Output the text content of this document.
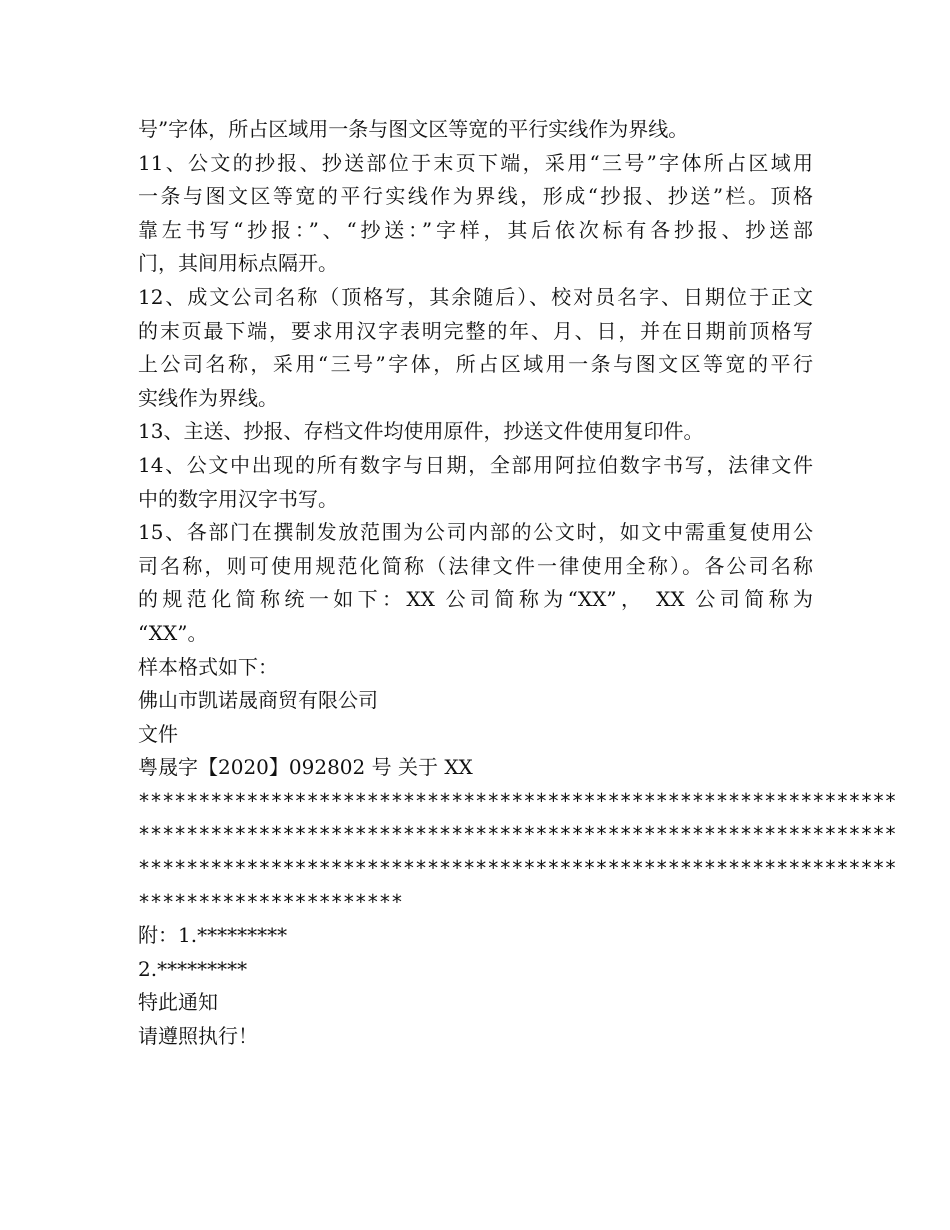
号”字体，所占区域用一条与图文区等宽的平行实线作为界线。
11、公文的抄报、抄送部位于末页下端，采用“三号”字体所占区域用
一条与图文区等宽的平行实线作为界线，形成“抄报、抄送”栏。顶格
靠左书写“抄报：”、“抄送：”字样，其后依次标有各抄报、抄送部
门，其间用标点隔开。
12、成文公司名称（顶格写，其余随后）、校对员名字、日期位于正文
的末页最下端，要求用汉字表明完整的年、月、日，并在日期前顶格写
上公司名称，采用“三号”字体，所占区域用一条与图文区等宽的平行
实线作为界线。
13、主送、抄报、存档文件均使用原件，抄送文件使用复印件。
14、公文中出现的所有数字与日期，全部用阿拉伯数字书写，法律文件
中的数字用汉字书写。
15、各部门在撰制发放范围为公司内部的公文时，如文中需重复使用公
司名称，则可使用规范化简称（法律文件一律使用全称）。各公司名称
的规范化简称统一如下：XX 公司简称为“XX”， XX 公司简称为
“XX”。
样本格式如下：
佛山市凯诺晟商贸有限公司
文件
粤晟字【2020】092802 号 关于 XX
***************************************************************
***************************************************************
***************************************************************
**********************
附：1.*********
2.*********
特此通知
请遵照执行！
